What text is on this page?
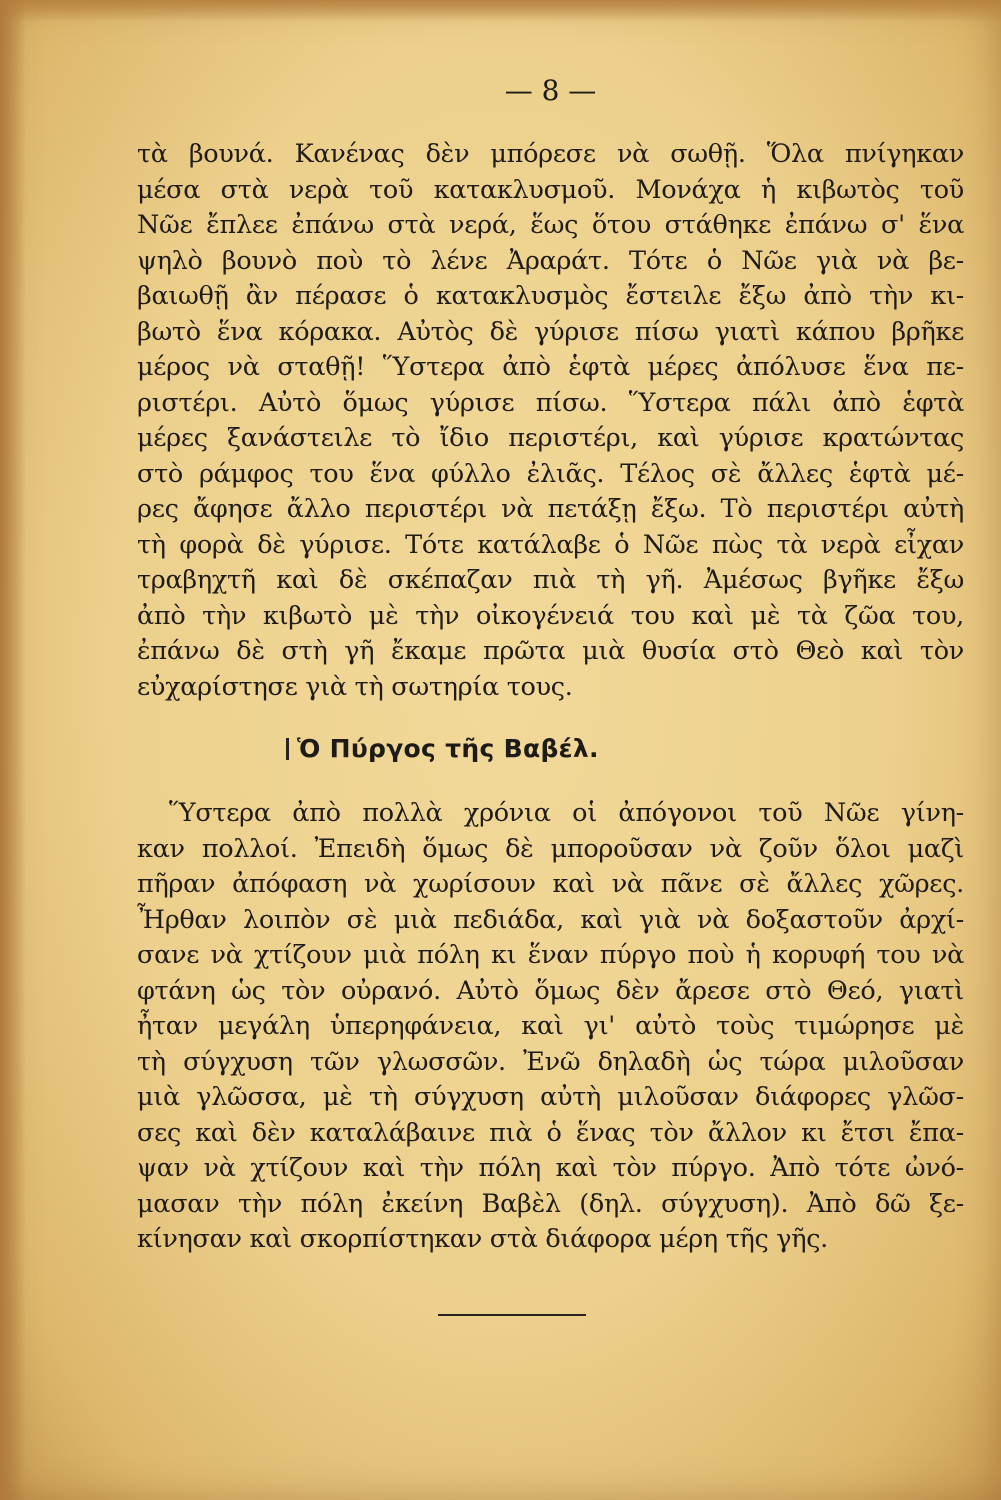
— 8 —
τὰ βουνά. Κανένας δὲν μπόρεσε νὰ σωθῇ. Ὅλα πνίγηκαν
μέσα στὰ νερὰ τοῦ κατακλυσμοῦ. Μονάχα ἡ κιβωτὸς τοῦ
Νῶε ἔπλεε ἐπάνω στὰ νερά, ἕως ὅτου στάθηκε ἐπάνω σ' ἕνα
ψηλὸ βουνὸ ποὺ τὸ λένε Ἀραράτ. Τότε ὁ Νῶε γιὰ νὰ βε-
βαιωθῇ ἂν πέρασε ὁ κατακλυσμὸς ἔστειλε ἔξω ἀπὸ τὴν κι-
βωτὸ ἕνα κόρακα. Αὐτὸς δὲ γύρισε πίσω γιατὶ κάπου βρῆκε
μέρος νὰ σταθῇ! Ὕστερα ἀπὸ ἑφτὰ μέρες ἀπόλυσε ἕνα πε-
ριστέρι. Αὐτὸ ὅμως γύρισε πίσω. Ὕστερα πάλι ἀπὸ ἑφτὰ
μέρες ξανάστειλε τὸ ἴδιο περιστέρι, καὶ γύρισε κρατώντας
στὸ ράμφος του ἕνα φύλλο ἐλιᾶς. Τέλος σὲ ἄλλες ἑφτὰ μέ-
ρες ἄφησε ἄλλο περιστέρι νὰ πετάξῃ ἔξω. Τὸ περιστέρι αὐτὴ
τὴ φορὰ δὲ γύρισε. Τότε κατάλαβε ὁ Νῶε πὼς τὰ νερὰ εἶχαν
τραβηχτῆ καὶ δὲ σκέπαζαν πιὰ τὴ γῆ. Ἀμέσως βγῆκε ἔξω
ἀπὸ τὴν κιβωτὸ μὲ τὴν οἰκογένειά του καὶ μὲ τὰ ζῶα του,
ἐπάνω δὲ στὴ γῆ ἔκαμε πρῶτα μιὰ θυσία στὸ Θεὸ καὶ τὸν
εὐχαρίστησε γιὰ τὴ σωτηρία τους.
Ὁ Πύργος τῆς Βαβέλ.
Ὕστερα ἀπὸ πολλὰ χρόνια οἱ ἀπόγονοι τοῦ Νῶε γίνη-
καν πολλοί. Ἐπειδὴ ὅμως δὲ μποροῦσαν νὰ ζοῦν ὅλοι μαζὶ
πῆραν ἀπόφαση νὰ χωρίσουν καὶ νὰ πᾶνε σὲ ἄλλες χῶρες.
Ἦρθαν λοιπὸν σὲ μιὰ πεδιάδα, καὶ γιὰ νὰ δοξαστοῦν ἀρχί-
σανε νὰ χτίζουν μιὰ πόλη κι ἕναν πύργο ποὺ ἡ κορυφή του νὰ
φτάνη ὡς τὸν οὐρανό. Αὐτὸ ὅμως δὲν ἄρεσε στὸ Θεό, γιατὶ
ἦταν μεγάλη ὑπερηφάνεια, καὶ γι' αὐτὸ τοὺς τιμώρησε μὲ
τὴ σύγχυση τῶν γλωσσῶν. Ἐνῶ δηλαδὴ ὡς τώρα μιλοῦσαν
μιὰ γλῶσσα, μὲ τὴ σύγχυση αὐτὴ μιλοῦσαν διάφορες γλῶσ-
σες καὶ δὲν καταλάβαινε πιὰ ὁ ἕνας τὸν ἄλλον κι ἔτσι ἔπα-
ψαν νὰ χτίζουν καὶ τὴν πόλη καὶ τὸν πύργο. Ἀπὸ τότε ὠνό-
μασαν τὴν πόλη ἐκείνη Βαβὲλ (δηλ. σύγχυση). Ἀπὸ δῶ ξε-
κίνησαν καὶ σκορπίστηκαν στὰ διάφορα μέρη τῆς γῆς.
